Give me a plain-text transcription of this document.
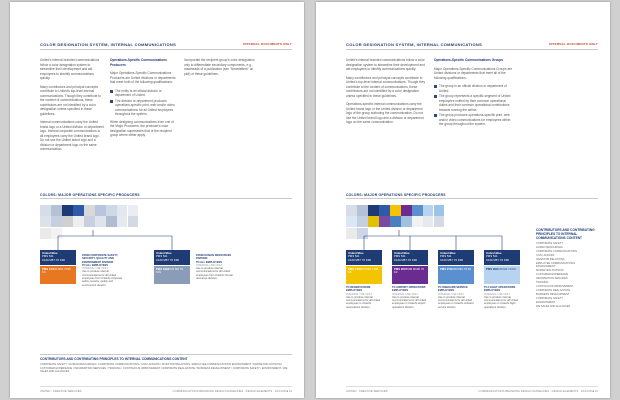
COLOR DESIGNATION SYSTEM, INTERNAL COMMUNICATIONS	INTERNAL DOCUMENTS ONLY

United's internal branded communications follow a color designation system to streamline their development and aid employees to identify communications quickly.

Many contributors and principal concepts contribute to United's top-level internal communications. Though they contribute to the content of communications, these contributors are not identified by a color designation unless specified in these guidelines.

Internal communications carry the United brand logo or a United division or department logo. Internal corporate communications to all employees carry the United brand logo. Do not use the United brand logo and a division or department logo on the same communication.

Operations-Specific Communications Producers

Major Operations-Specific Communications Producers are United divisions or departments that meet both of the following qualifications:

The entity is an official division or department of United.
The division or department produces operations-specific print, web and/or video communications for all United employees throughout the system.

When designing communications from one of the Major Producers, the producer's color designation supersedes that of the recipient group where either apply.

Incorporate the recipient group's color designation only to differentiate secondary components, e.g., mastheads of a publication (see "Newsletters" on p##) of these guidelines.

COLORS: MAJOR OPERATIONS SPECIFIC PRODUCERS
United Blue
PMS 541
C100 M57 Y0 K38
PMS 144C0 M51 Y100 K0
FROM CORPORATE SAFETY, SECURITY, QUALITY AND ENVIRONMENT DIVISION
TO ALL EMPLOYEES
INTERNAL USE ONLY
Use to produce internal communications for all United employees from United's corporate safety, security, quality and environment division.
United Blue
PMS 541
C100 M57 Y0 K38
PMS 5493C23 M0 Y9 K31
FROM HUMAN RESOURCES DIVISION
TO ALL EMPLOYEES
INTERNAL USE ONLY
Use to produce internal communications for all United employees from United's human resources division.
CONTRIBUTORS AND CONTRIBUTING PRINCIPLES TO INTERNAL COMMUNICATIONS CONTENT
CORPORATE SAFETY / HUMAN RESOURCES / CORPORATE COMMUNICATIONS / CIVIC AFFAIRS / INVESTOR RELATIONS / EMPLOYEE COMMUNICATIONS ENVIRONMENT / MARKETING DIVISION / CUSTOMER EXPERIENCE / INFORMATION SERVICES / TRAINING / CONTINUOUS IMPROVEMENT CORPORATE REAL ESTATE / BUSINESS DEVELOPMENT / CORPORATE SAFETY / ENVIRONMENT / WE SALES AND ALLIANCES
UNITED · CREATIVE SERVICES	COMMUNICATIONS BRANDING DESIGN GUIDELINES · DESIGN ELEMENTS · 03.04.08 ■ 12
COLOR DESIGNATION SYSTEM, INTERNAL COMMUNICATIONS	INTERNAL DOCUMENTS ONLY

United's internal branded communications follow a color designation system to streamline their development and aid employees to identify communications quickly.

Many contributors and principal concepts contribute to United's top-level internal communications. Though they contribute to the content of communications, these contributors are not identified by a color designation unless specified in these guidelines.

Operations-specific internal communications carry the United brand logo or the United division or department logo of the group authoring the communication. Do not use the United brand logo and a division or department logo on the same communication.

Operations-Specific Communications Groups

Major Operations-Specific Communications Groups are United divisions or departments that meet all of the following qualifications:

The group is an official division or department of United.
The group represents a specific segment of United employees unified by their common operational duties and their common operational contributions towards running the airline.
The group produces operations-specific print, web and/or video communications for employees within the group throughout the system.
COLORS: MAJOR OPERATIONS SPECIFIC PRODUCERS
United Blue
PMS 541
C100 M57 Y0 K38
PMS 7406C0 M18 Y100 K0
TO RESERVATIONS EMPLOYEES
INTERNAL USE ONLY
Use to produce internal communications for all United employees in United's reservations division.
United Blue
PMS 541
C100 M57 Y0 K38
PMS 2607C80 M100 Y0 K3
TO AIRPORT OPERATIONS EMPLOYEES
INTERNAL USE ONLY
Use to produce internal communications for all United employees in United's airport operations division.
United Blue
PMS 541
C100 M57 Y0 K38
PMS 279C68 M34 Y0 K0
TO ONBOARD SERVICE EMPLOYEES
INTERNAL USE ONLY
Use to produce internal communications for all United employees in United's onboard service division.
United Blue
PMS 541
C100 M57 Y0 K38
PMS 290C25 M2 Y0 K0
TO FLIGHT OPERATIONS EMPLOYEES
INTERNAL USE ONLY
Use to produce internal communications for all United employees in United's flight operations division.
CONTRIBUTORS AND CONTRIBUTING PRINCIPLES TO INTERNAL COMMUNICATIONS CONTENT
CORPORATE SAFETY
HUMAN RESOURCES
CORPORATE COMMUNICATIONS
CIVIC AFFAIRS
INVESTOR RELATIONS
EMPLOYEE COMMUNICATIONS
ENVIRONMENT
MARKETING DIVISION
CUSTOMER EXPERIENCE
INFORMATION SERVICES
TRAINING
CONTINUOUS IMPROVEMENT
CORPORATE REAL ESTATE
BUSINESS DEVELOPMENT
CORPORATE SAFETY
ENVIRONMENT
WE SALES AND ALLIANCES
UNITED · CREATIVE SERVICES	COMMUNICATIONS BRANDING DESIGN GUIDELINES · DESIGN ELEMENTS · 03.04.08 ■ 13
